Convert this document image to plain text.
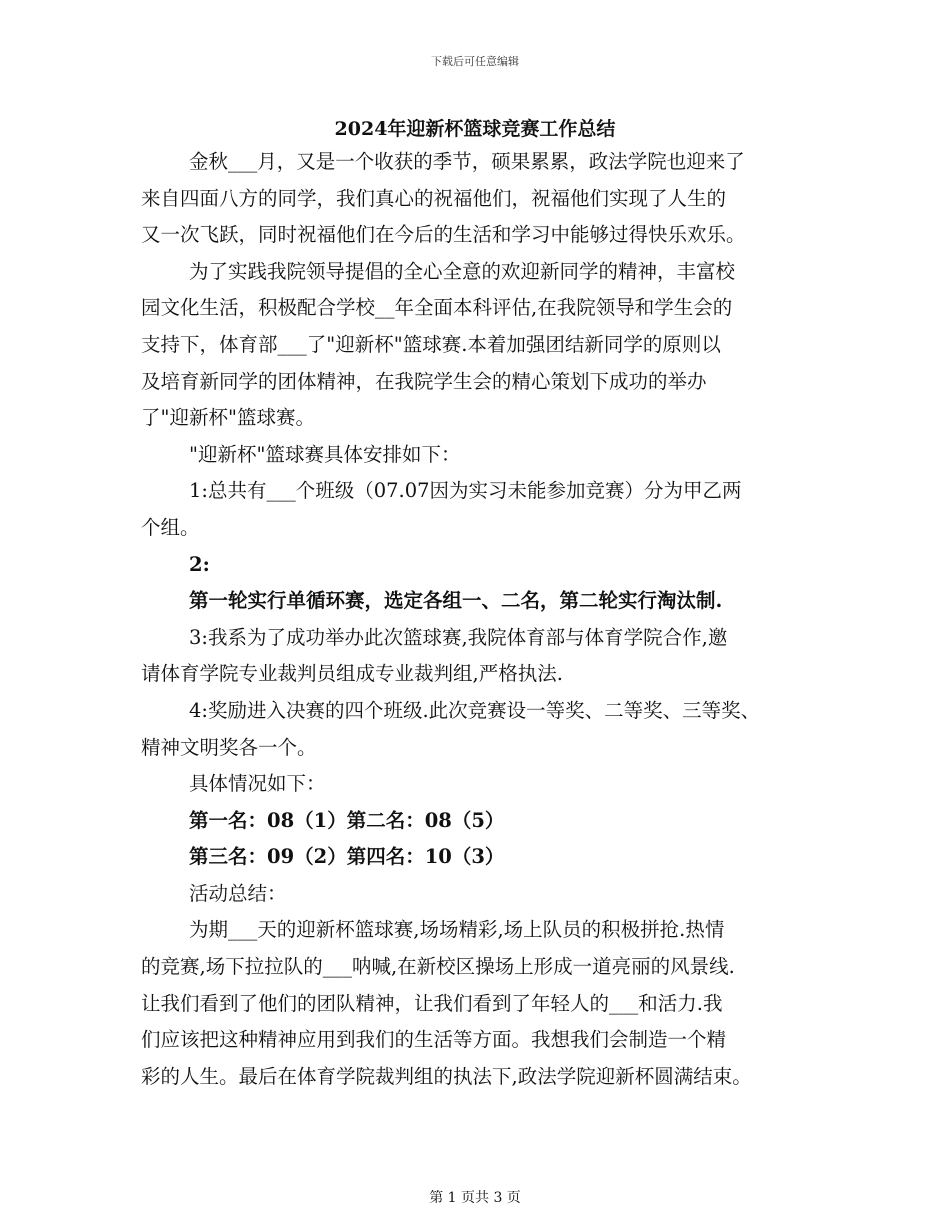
下载后可任意编辑
2024年迎新杯篮球竞赛工作总结
金秋___月，又是一个收获的季节，硕果累累，政法学院也迎来了
来自四面八方的同学，我们真心的祝福他们，祝福他们实现了人生的
又一次飞跃，同时祝福他们在今后的生活和学习中能够过得快乐欢乐。
为了实践我院领导提倡的全心全意的欢迎新同学的精神，丰富校
园文化生活，积极配合学校__年全面本科评估,在我院领导和学生会的
支持下，体育部___了"迎新杯"篮球赛.本着加强团结新同学的原则以
及培育新同学的团体精神，在我院学生会的精心策划下成功的举办
了"迎新杯"篮球赛。
"迎新杯"篮球赛具体安排如下：
1:总共有___个班级（07.07因为实习未能参加竞赛）分为甲乙两
个组。
2:
第一轮实行单循环赛，选定各组一、二名，第二轮实行淘汰制.
3:我系为了成功举办此次篮球赛,我院体育部与体育学院合作,邀
请体育学院专业裁判员组成专业裁判组,严格执法.
4:奖励进入决赛的四个班级.此次竞赛设一等奖、二等奖、三等奖、
精神文明奖各一个。
具体情况如下：
第一名：08（1）第二名：08（5）
第三名：09（2）第四名：10（3）
活动总结：
为期___天的迎新杯篮球赛,场场精彩,场上队员的积极拼抢.热情
的竞赛,场下拉拉队的___呐喊,在新校区操场上形成一道亮丽的风景线.
让我们看到了他们的团队精神，让我们看到了年轻人的___和活力.我
们应该把这种精神应用到我们的生活等方面。我想我们会制造一个精
彩的人生。最后在体育学院裁判组的执法下,政法学院迎新杯圆满结束。
第 1 页共 3 页
